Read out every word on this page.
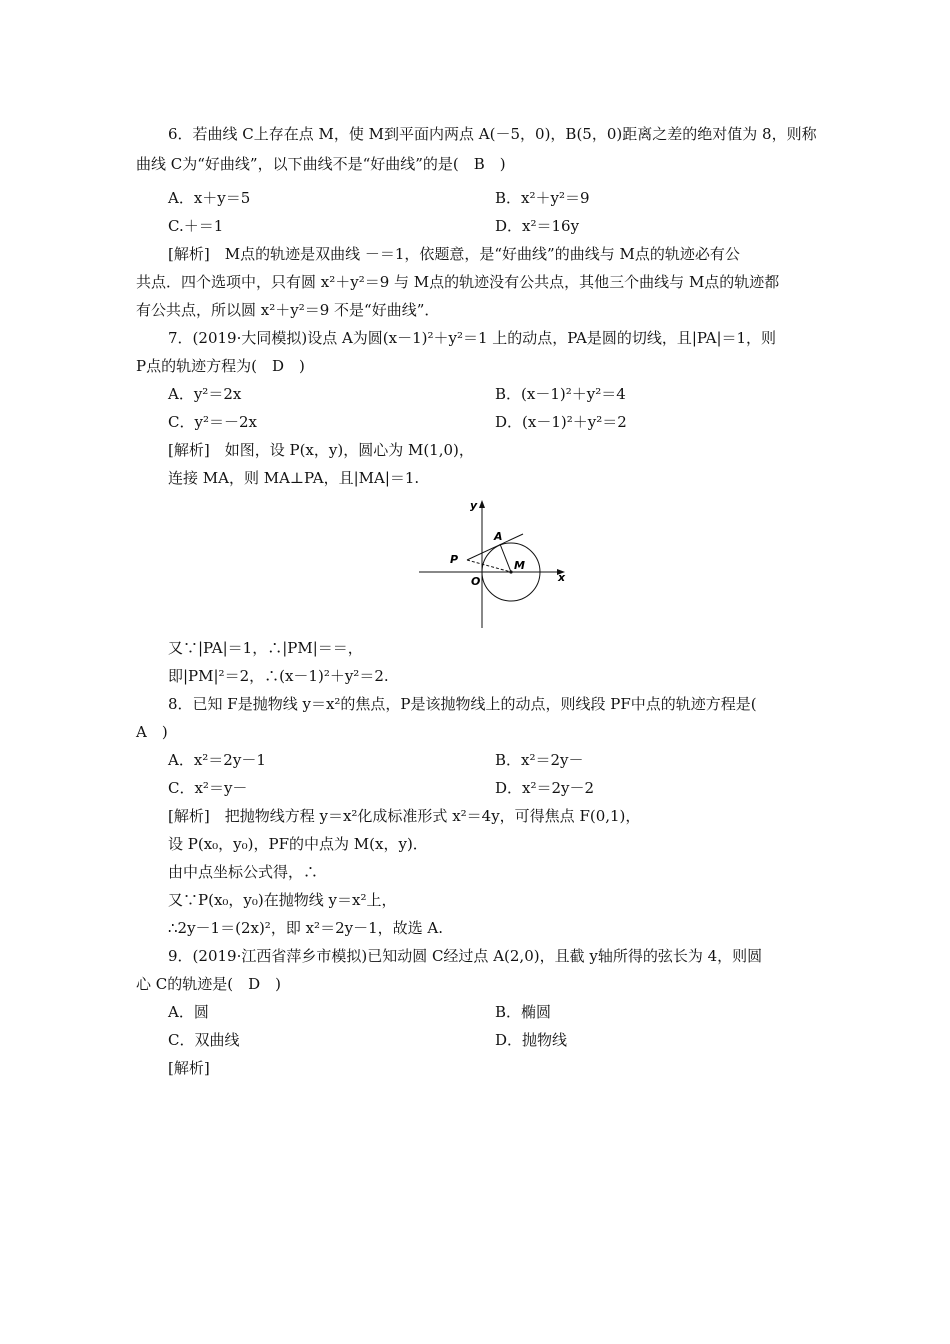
6．若曲线 C上存在点 M，使 M到平面内两点 A(－5，0)，B(5，0)距离之差的绝对值为 8，则称
曲线 C为“好曲线”，以下曲线不是“好曲线”的是(　B　)
A．x＋y＝5	B．x²＋y²＝9
C.＋＝1	D．x²＝16y
[解析]　M点的轨迹是双曲线 －＝1，依题意，是“好曲线”的曲线与 M点的轨迹必有公
共点．四个选项中，只有圆 x²＋y²＝9 与 M点的轨迹没有公共点，其他三个曲线与 M点的轨迹都
有公共点，所以圆 x²＋y²＝9 不是“好曲线”．
7．(2019·大同模拟)设点 A为圆(x－1)²＋y²＝1 上的动点，PA是圆的切线，且|PA|＝1，则
P点的轨迹方程为(　D　)
A．y²＝2x	B．(x－1)²＋y²＝4
C．y²＝－2x	D．(x－1)²＋y²＝2
[解析]　如图，设 P(x，y)，圆心为 M(1,0)，
连接 MA，则 MA⊥PA，且|MA|＝1.
y
x
A
P
O
M
又∵|PA|＝1，∴|PM|＝＝，
即|PM|²＝2，∴(x－1)²＋y²＝2.
8．已知 F是抛物线 y＝x²的焦点，P是该抛物线上的动点，则线段 PF中点的轨迹方程是(
A　)
A．x²＝2y－1	B．x²＝2y－
C．x²＝y－	D．x²＝2y－2
[解析]　把抛物线方程 y＝x²化成标准形式 x²＝4y，可得焦点 F(0,1)，
设 P(x₀，y₀)，PF的中点为 M(x，y)．
由中点坐标公式得，∴
又∵P(x₀，y₀)在抛物线 y＝x²上，
∴2y－1＝(2x)²，即 x²＝2y－1，故选 A.
9．(2019·江西省萍乡市模拟)已知动圆 C经过点 A(2,0)，且截 y轴所得的弦长为 4，则圆
心 C的轨迹是(　D　)
A．圆	B．椭圆
C．双曲线	D．抛物线
[解析]
